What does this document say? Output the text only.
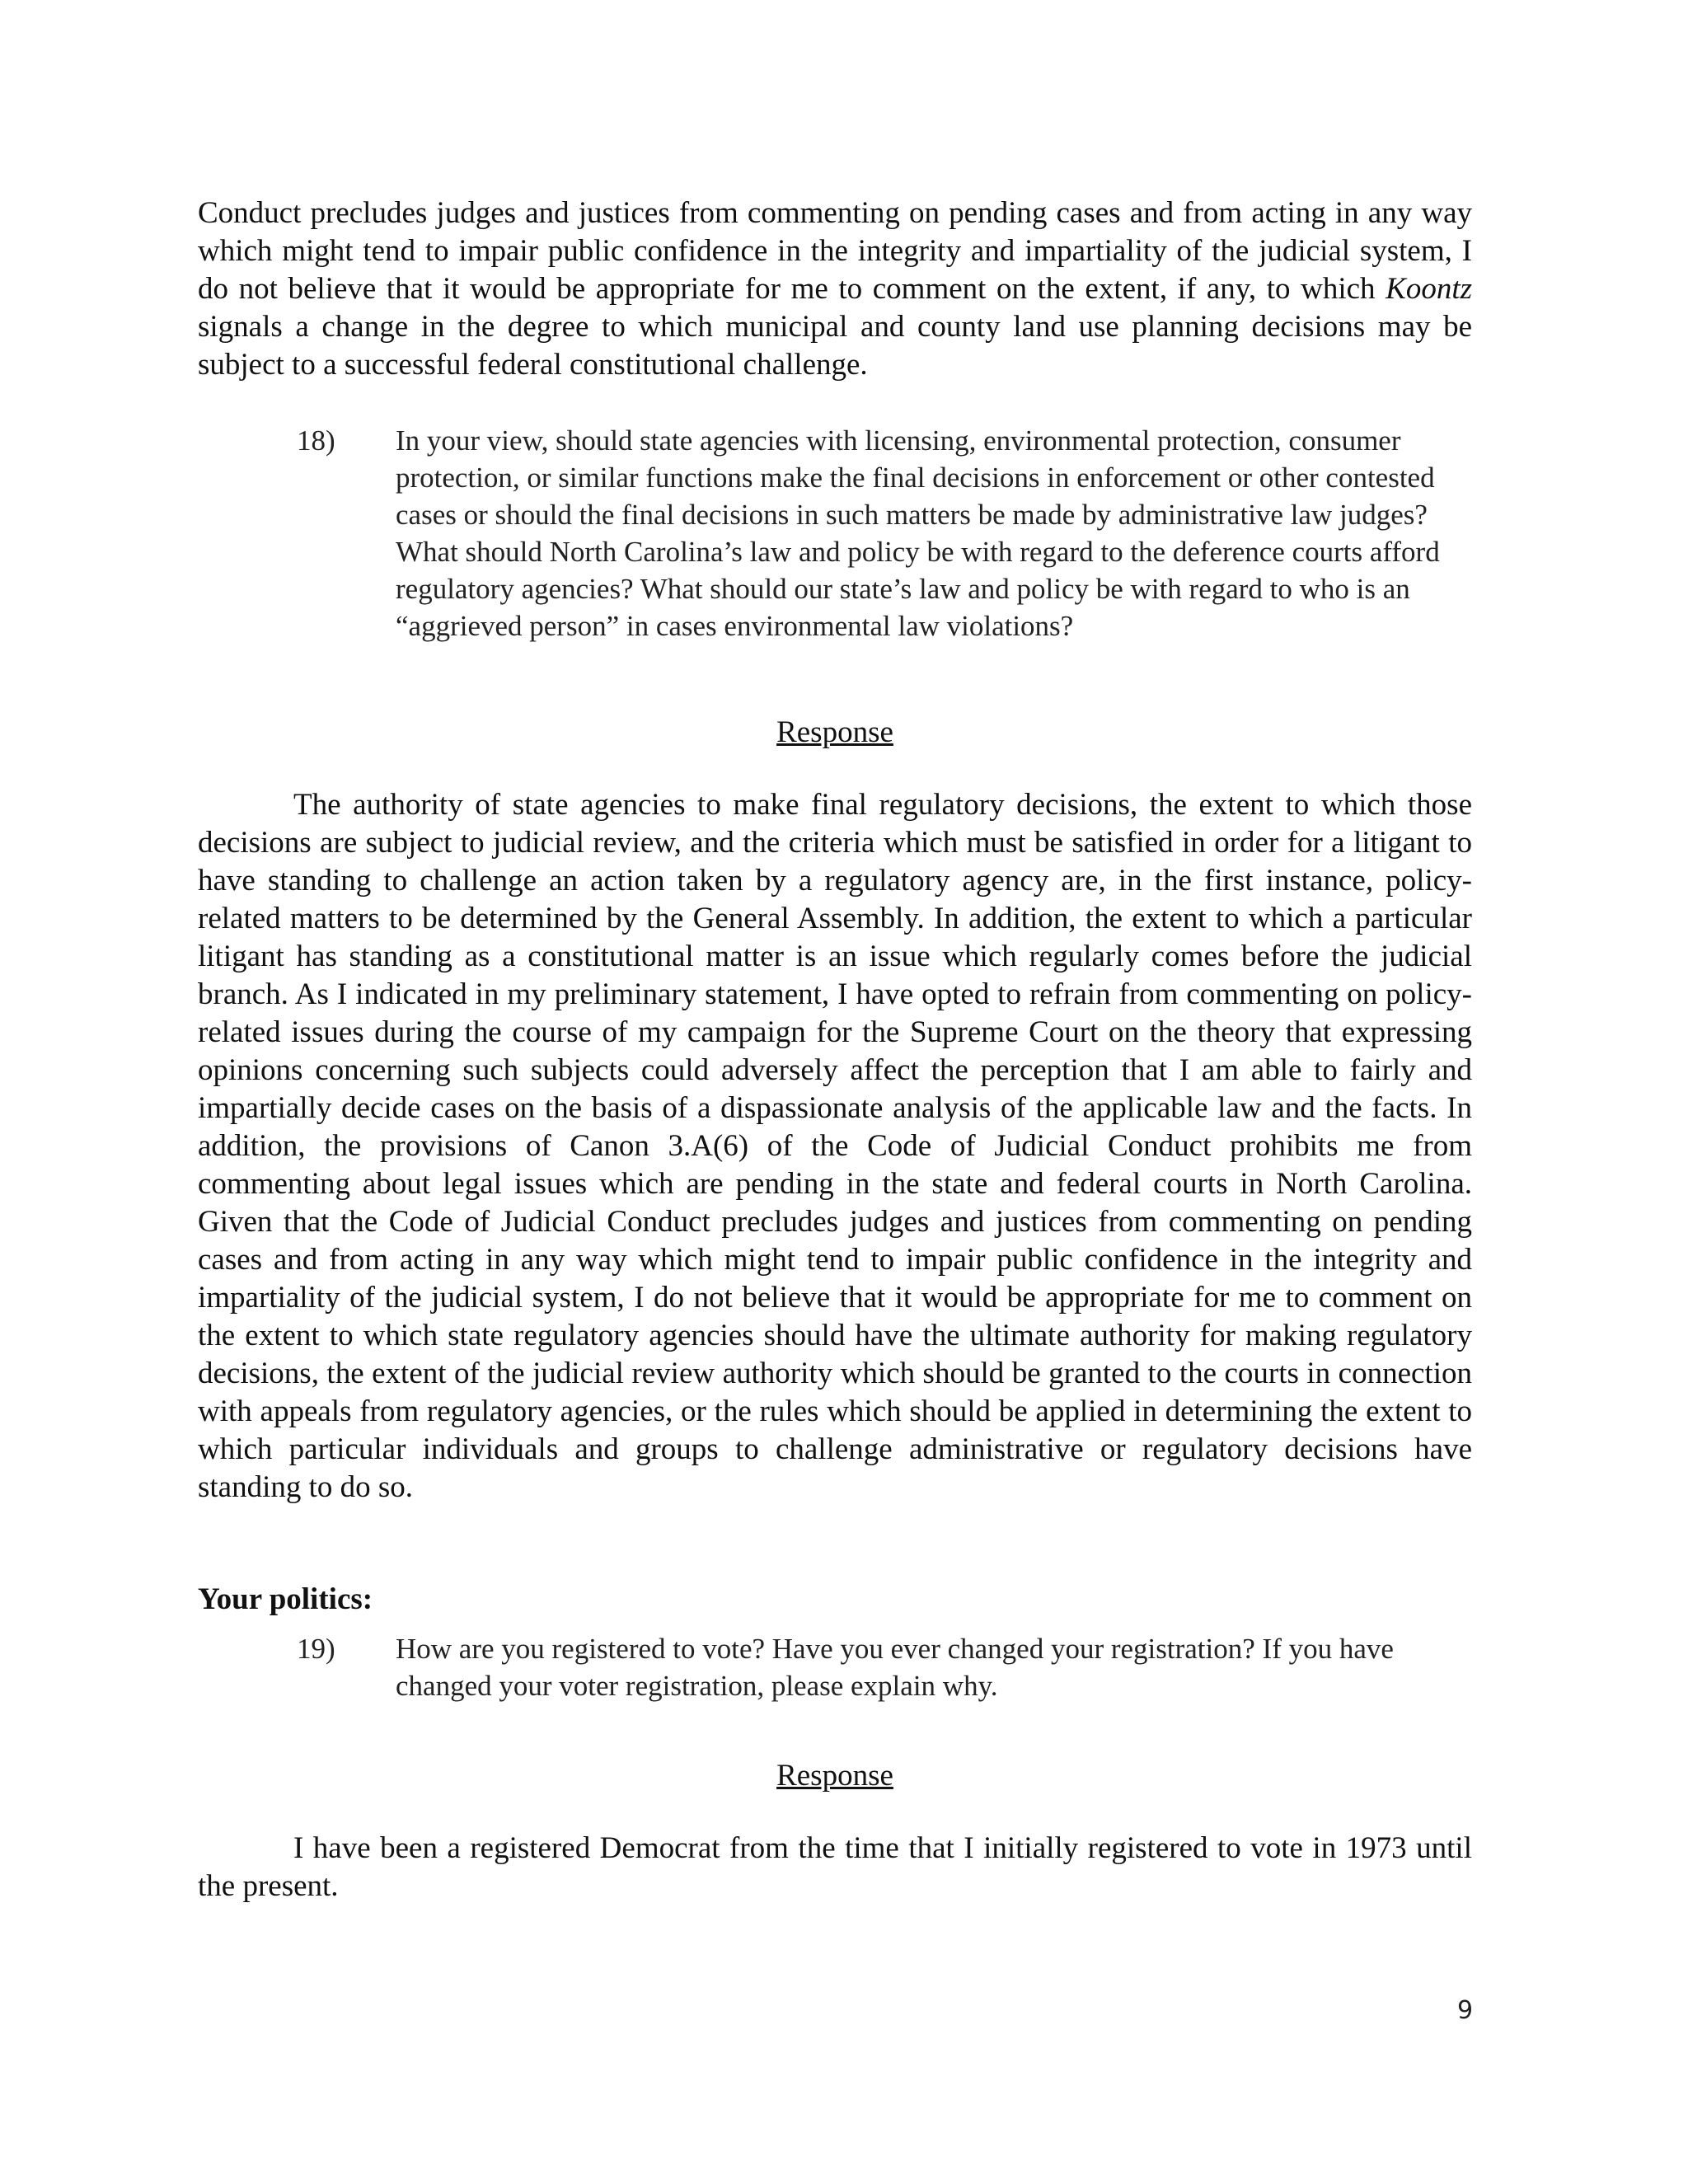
Conduct precludes judges and justices from commenting on pending cases and from acting in any way which might tend to impair public confidence in the integrity and impartiality of the judicial system, I do not believe that it would be appropriate for me to comment on the extent, if any, to which Koontz signals a change in the degree to which municipal and county land use planning decisions may be subject to a successful federal constitutional challenge.

18)	In your view, should state agencies with licensing, environmental protection, consumer protection, or similar functions make the final decisions in enforcement or other contested cases or should the final decisions in such matters be made by administrative law judges? What should North Carolina’s law and policy be with regard to the deference courts afford regulatory agencies? What should our state’s law and policy be with regard to who is an “aggrieved person” in cases environmental law violations?
Response

The authority of state agencies to make final regulatory decisions, the extent to which those decisions are subject to judicial review, and the criteria which must be satisfied in order for a litigant to have standing to challenge an action taken by a regulatory agency are, in the first instance, policy-related matters to be determined by the General Assembly. In addition, the extent to which a particular litigant has standing as a constitutional matter is an issue which regularly comes before the judicial branch. As I indicated in my preliminary statement, I have opted to refrain from commenting on policy-related issues during the course of my campaign for the Supreme Court on the theory that expressing opinions concerning such subjects could adversely affect the perception that I am able to fairly and impartially decide cases on the basis of a dispassionate analysis of the applicable law and the facts. In addition, the provisions of Canon 3.A(6) of the Code of Judicial Conduct prohibits me from commenting about legal issues which are pending in the state and federal courts in North Carolina. Given that the Code of Judicial Conduct precludes judges and justices from commenting on pending cases and from acting in any way which might tend to impair public confidence in the integrity and impartiality of the judicial system, I do not believe that it would be appropriate for me to comment on the extent to which state regulatory agencies should have the ultimate authority for making regulatory decisions, the extent of the judicial review authority which should be granted to the courts in connection with appeals from regulatory agencies, or the rules which should be applied in determining the extent to which particular individuals and groups to challenge administrative or regulatory decisions have standing to do so.

Your politics:
19)	How are you registered to vote? Have you ever changed your registration? If you have changed your voter registration, please explain why.
Response

I have been a registered Democrat from the time that I initially registered to vote in 1973 until the present.

9
